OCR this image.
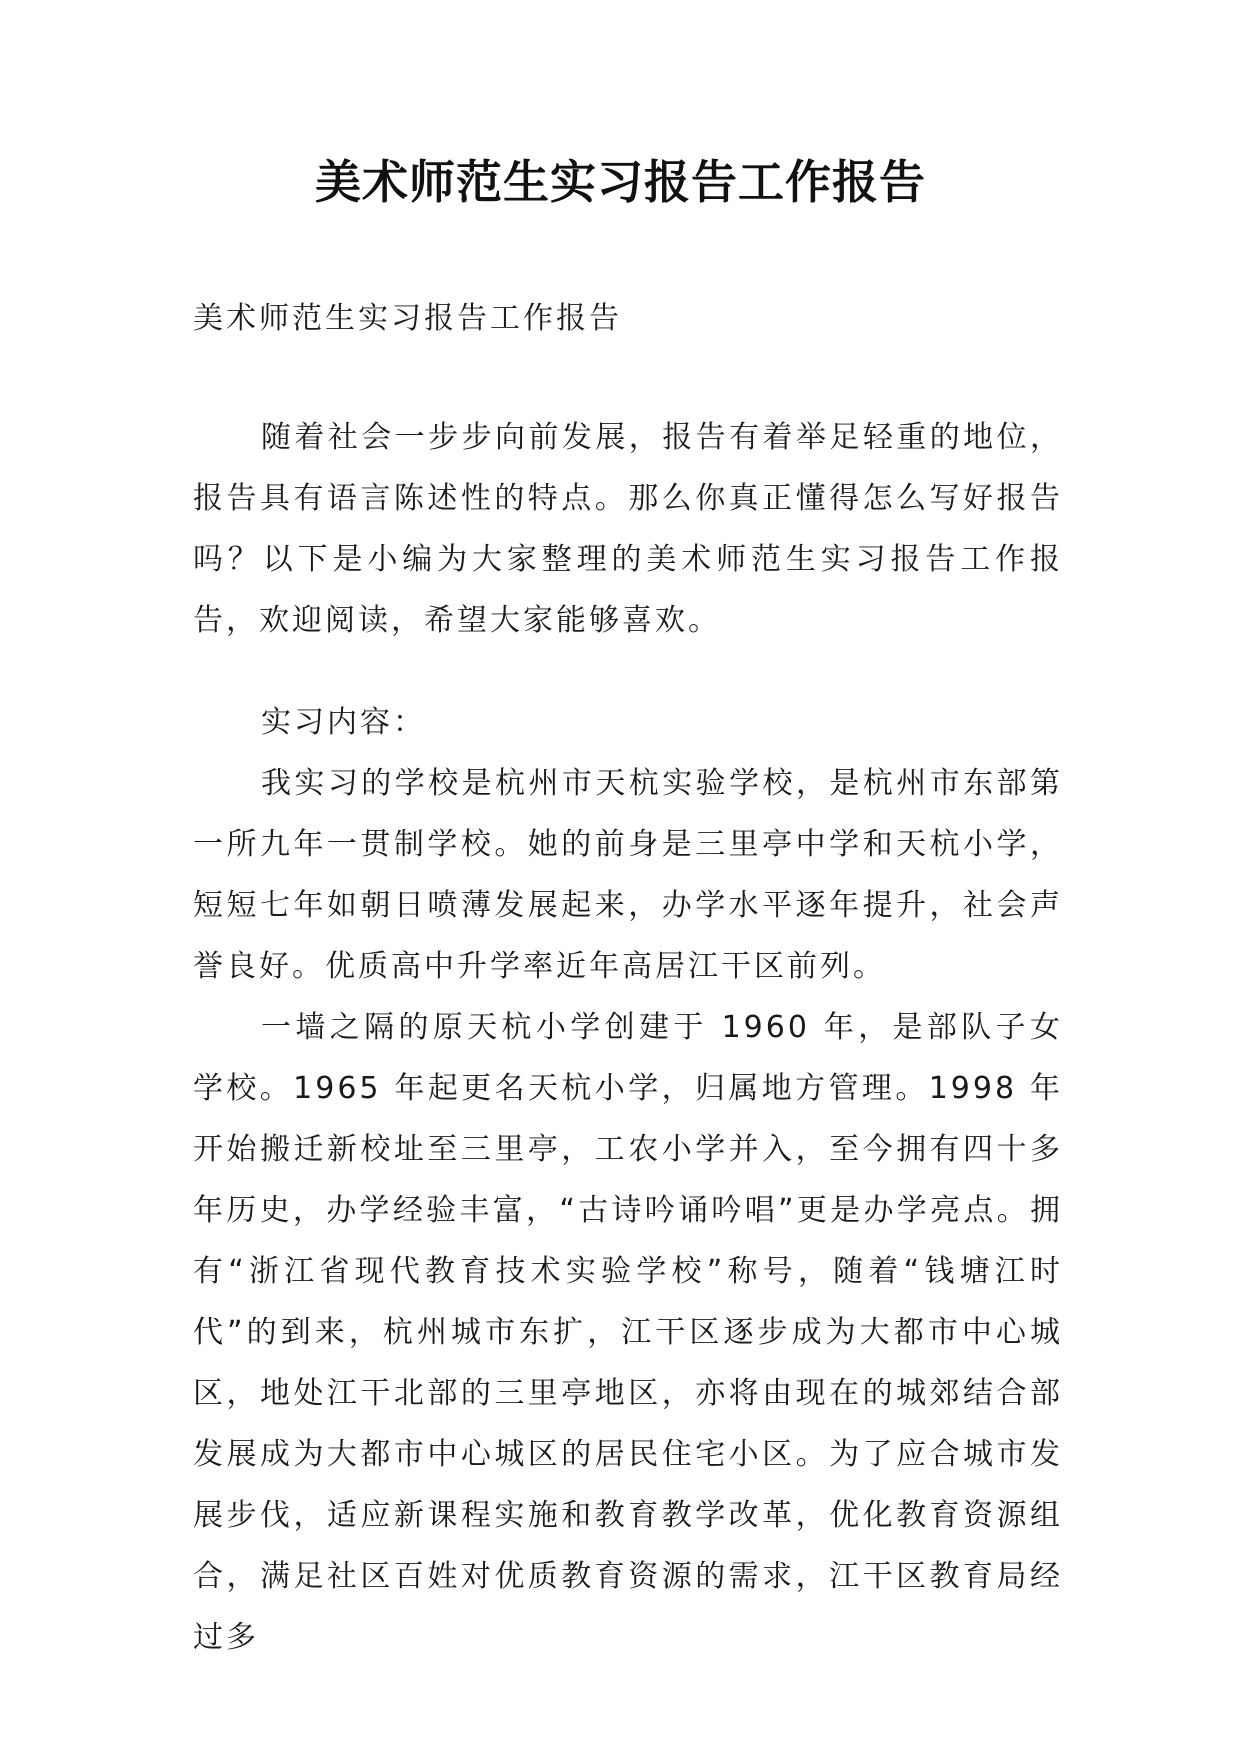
美术师范生实习报告工作报告

美术师范生实习报告工作报告

随着社会一步步向前发展，报告有着举足轻重的地位，报告具有语言陈述性的特点。那么你真正懂得怎么写好报告吗？以下是小编为大家整理的美术师范生实习报告工作报告，欢迎阅读，希望大家能够喜欢。

实习内容：

我实习的学校是杭州市天杭实验学校，是杭州市东部第一所九年一贯制学校。她的前身是三里亭中学和天杭小学，短短七年如朝日喷薄发展起来，办学水平逐年提升，社会声誉良好。优质高中升学率近年高居江干区前列。

一墙之隔的原天杭小学创建于 1960 年，是部队子女学校。1965 年起更名天杭小学，归属地方管理。1998 年开始搬迁新校址至三里亭，工农小学并入，至今拥有四十多年历史，办学经验丰富，“古诗吟诵吟唱”更是办学亮点。拥有“浙江省现代教育技术实验学校”称号，随着“钱塘江时代”的到来，杭州城市东扩，江干区逐步成为大都市中心城区，地处江干北部的三里亭地区，亦将由现在的城郊结合部发展成为大都市中心城区的居民住宅小区。为了应合城市发展步伐，适应新课程实施和教育教学改革，优化教育资源组合，满足社区百姓对优质教育资源的需求，江干区教育局经过多
